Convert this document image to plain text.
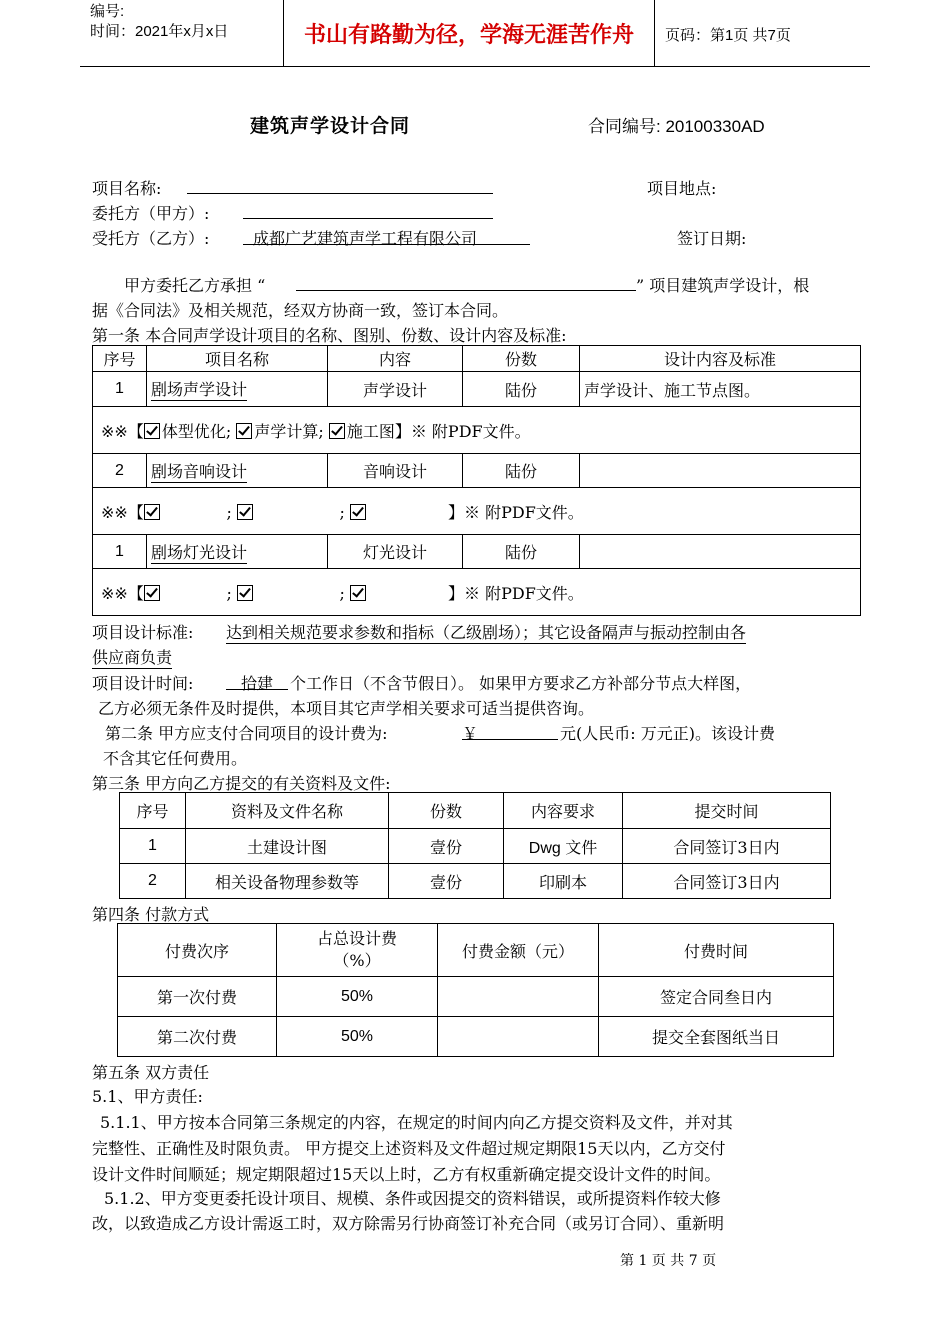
编号:
时间：2021年x月x日	书山有路勤为径，学海无涯苦作舟	页码：第1页 共7页
建筑声学设计合同	合同编号: 20100330AD
项目名称:	项目地点:
委托方（甲方）:
受托方（乙方）:	成都广艺建筑声学工程有限公司	签订日期:
甲方委托乙方承担 “	” 项目建筑声学设计，根
据《合同法》及相关规范，经双方协商一致，签订本合同。
第一条 本合同声学设计项目的名称、图别、份数、设计内容及标准:
序号	项目名称	内容	份数	设计内容及标准
1	剧场声学设计	声学设计	陆份	声学设计、施工节点图。
※※【 体型优化; 声学计算; 施工图】※ 附PDF文件。				
2	剧场音响设计	音响设计	陆份	
※※【 ; ; 】※ 附PDF文件。				
1	剧场灯光设计	灯光设计	陆份	
※※【 ; ; 】※ 附PDF文件。				
项目设计标准: 达到相关规范要求参数和指标（乙级剧场）；其它设备隔声与振动控制由各
供应商负责
项目设计时间:	拾建	个工作日（不含节假日）。 如果甲方要求乙方补部分节点大样图，
乙方必须无条件及时提供，本项目其它声学相关要求可适当提供咨询。
第二条 甲方应支付合同项目的设计费为:	￥	元(人民币: 万元正)。该设计费
不含其它任何费用。
第三条 甲方向乙方提交的有关资料及文件:
序号	资料及文件名称	份数	内容要求	提交时间
1	土建设计图	壹份	Dwg 文件	合同签订3日内
2	相关设备物理参数等	壹份	印刷本	合同签订3日内
第四条 付款方式
付费次序	占总设计费
（%）	付费金额（元）	付费时间
第一次付费	50%		签定合同叁日内
第二次付费	50%		提交全套图纸当日
第五条 双方责任
5.1、甲方责任:
5.1.1、甲方按本合同第三条规定的内容，在规定的时间内向乙方提交资料及文件，并对其
完整性、正确性及时限负责。 甲方提交上述资料及文件超过规定期限15天以内，乙方交付
设计文件时间顺延；规定期限超过15天以上时，乙方有权重新确定提交设计文件的时间。
5.1.2、甲方变更委托设计项目、规模、条件或因提交的资料错误，或所提资料作较大修
改，以致造成乙方设计需返工时，双方除需另行协商签订补充合同（或另订合同）、重新明
第 1 页 共 7 页
